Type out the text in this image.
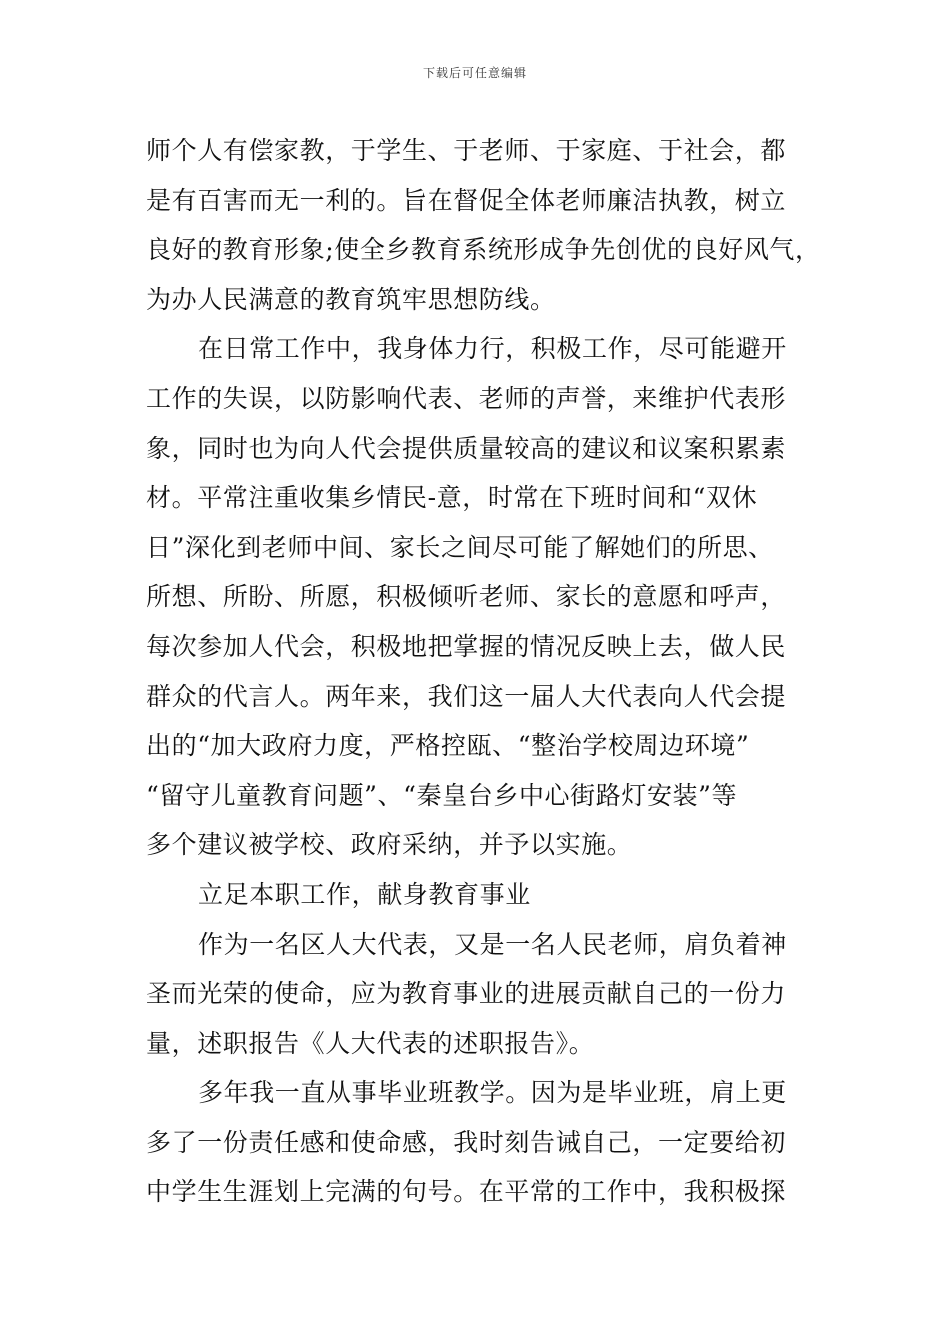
下载后可任意编辑
师个人有偿家教，于学生、于老师、于家庭、于社会，都
是有百害而无一利的。旨在督促全体老师廉洁执教，树立
良好的教育形象;使全乡教育系统形成争先创优的良好风气，
为办人民满意的教育筑牢思想防线。
在日常工作中，我身体力行，积极工作，尽可能避开
工作的失误，以防影响代表、老师的声誉，来维护代表形
象，同时也为向人代会提供质量较高的建议和议案积累素
材。平常注重收集乡情民-意，时常在下班时间和“双休
日”深化到老师中间、家长之间尽可能了解她们的所思、
所想、所盼、所愿，积极倾听老师、家长的意愿和呼声，
每次参加人代会，积极地把掌握的情况反映上去，做人民
群众的代言人。两年来，我们这一届人大代表向人代会提
出的“加大政府力度，严格控瓯、“整治学校周边环境”
“留守儿童教育问题”、“秦皇台乡中心街路灯安装”等
多个建议被学校、政府采纳，并予以实施。
立足本职工作，献身教育事业
作为一名区人大代表，又是一名人民老师，肩负着神
圣而光荣的使命，应为教育事业的进展贡献自己的一份力
量，述职报告《人大代表的述职报告》。
多年我一直从事毕业班教学。因为是毕业班，肩上更
多了一份责任感和使命感，我时刻告诫自己，一定要给初
中学生生涯划上完满的句号。在平常的工作中，我积极探
